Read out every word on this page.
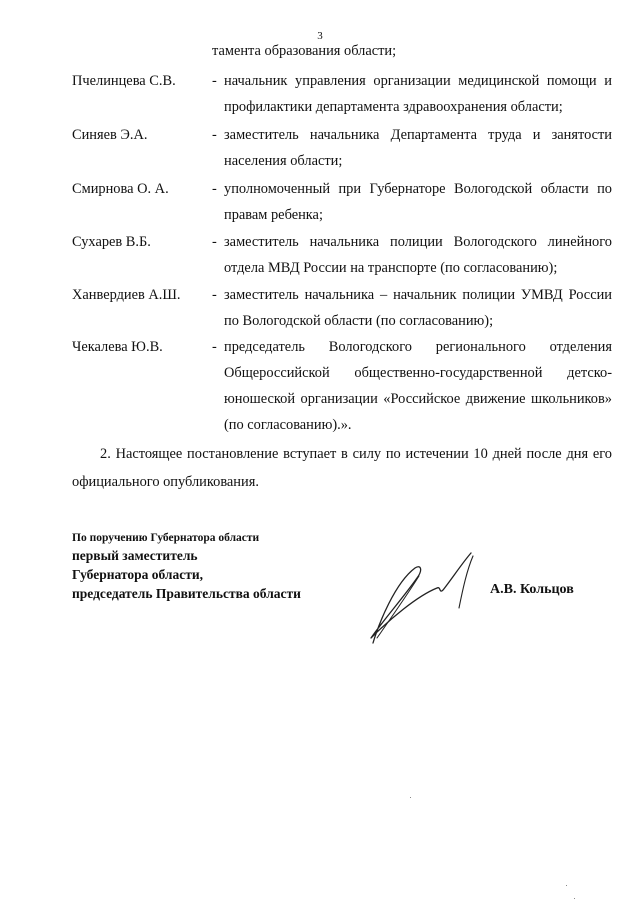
3
тамента образования области;
Пчелинцева С.В.	- начальник управления организации медицинской помощи и профилактики департамента здравоохранения области;
Синяев Э.А.	- заместитель начальника Департамента труда и занятости населения области;
Смирнова О. А.	- уполномоченный при Губернаторе Вологодской области по правам ребенка;
Сухарев В.Б.	- заместитель начальника полиции Вологодского линейного отдела МВД России на транспорте (по согласованию);
Ханвердиев А.Ш. - заместитель начальника – начальник полиции УМВД России по Вологодской области (по согласованию);
Чекалева Ю.В.	- председатель Вологодского регионального отделения Общероссийской общественно-государственной детско-юношеской организации «Российское движение школьников» (по согласованию).».
2. Настоящее постановление вступает в силу по истечении 10 дней после дня его официального опубликования.
По поручению Губернатора области
первый заместитель
Губернатора области,
председатель Правительства области	А.В. Кольцов
